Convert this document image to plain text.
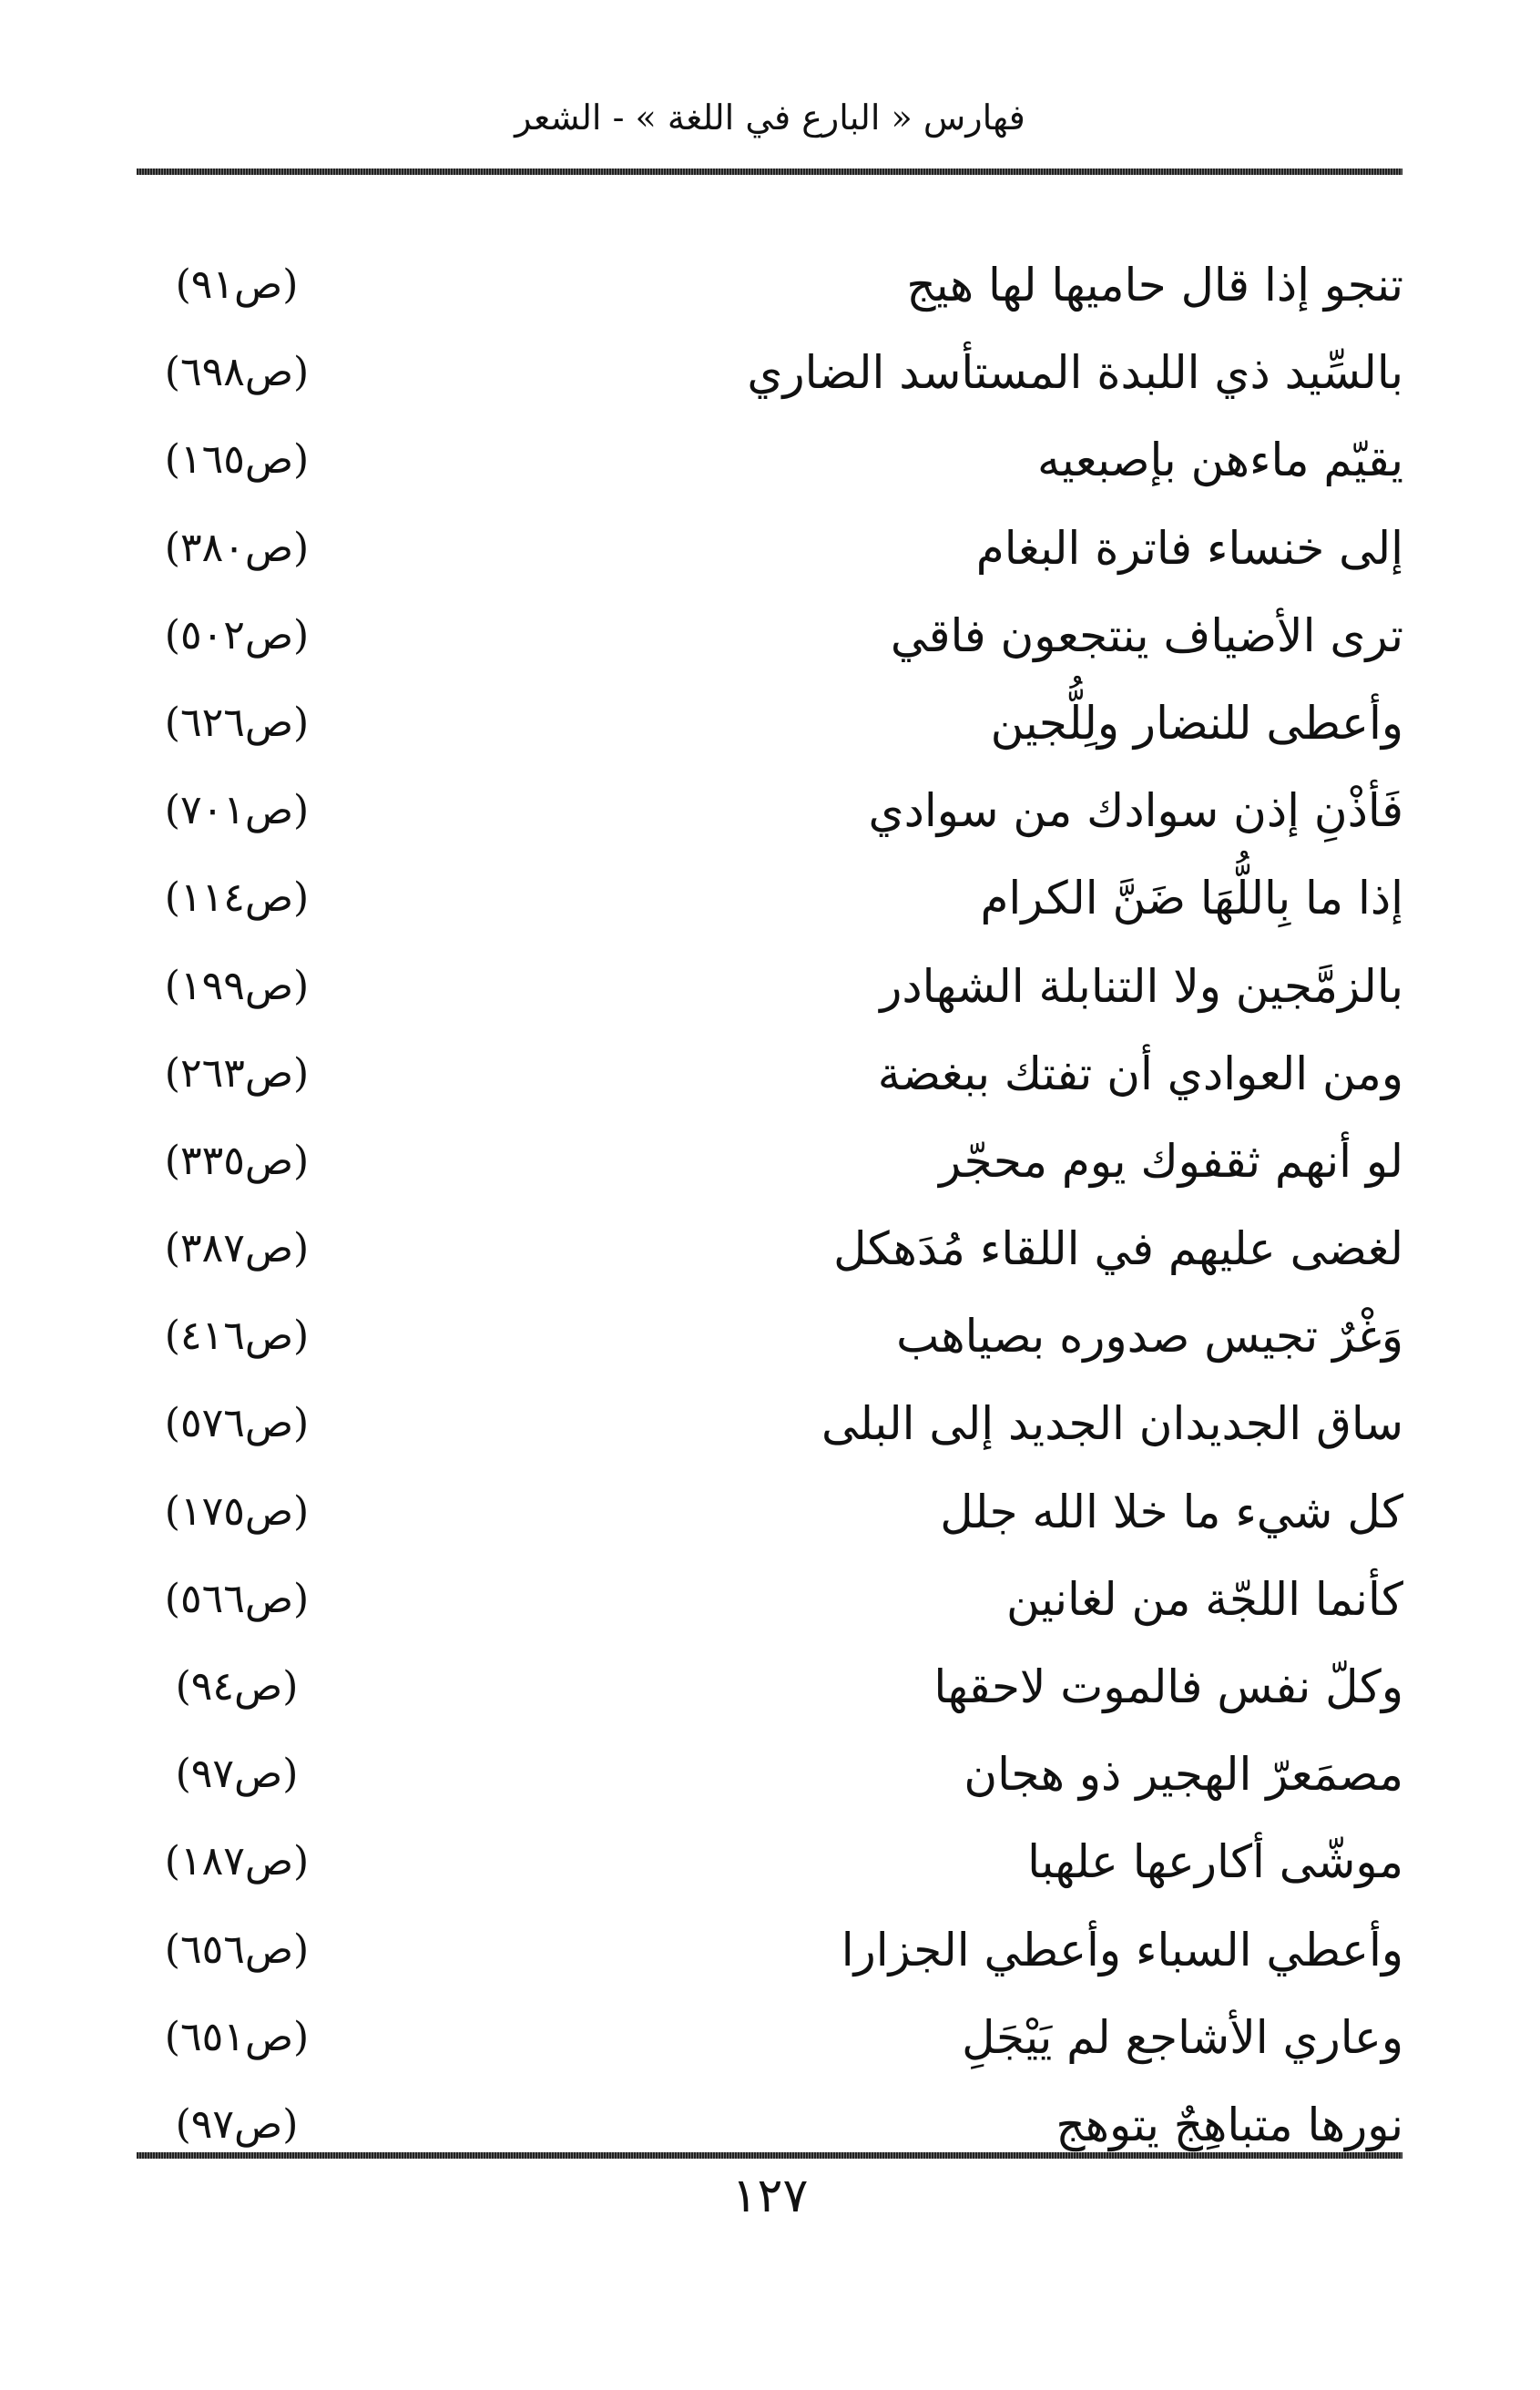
فهارس « البارع في اللغة » - الشعر
تنجو إذا قال حاميها لها هيج
(ص٩١)
بالسِّيد ذي اللبدة المستأسد الضاري
(ص٦٩٨)
يقيّم ماءهن بإصبعيه
(ص١٦٥)
إلى خنساء فاترة البغام
(ص٣٨٠)
ترى الأضياف ينتجعون فاقي
(ص٥٠٢)
وأعطى للنضار ولِلُّجين
(ص٦٢٦)
فَأذْنِ إذن سوادك من سوادي
(ص٧٠١)
إذا ما بِاللُّهَا ضَنَّ الكرام
(ص١١٤)
بالزمَّجين ولا التنابلة الشهادر
(ص١٩٩)
ومن العوادي أن تفتك ببغضة
(ص٢٦٣)
لو أنهم ثقفوك يوم محجّر
(ص٣٣٥)
لغضى عليهم في اللقاء مُدَهكل
(ص٣٨٧)
وَغْرٌ تجيس صدوره بصياهب
(ص٤١٦)
ساق الجديدان الجديد إلى البلى
(ص٥٧٦)
كل شيء ما خلا الله جلل
(ص١٧٥)
كأنما اللجّة من لغانين
(ص٥٦٦)
وكلّ نفس فالموت لاحقها
(ص٩٤)
مصمَعرّ الهجير ذو هجان
(ص٩٧)
موشّى أكارعها علهبا
(ص١٨٧)
وأعطي السباء وأعطي الجزارا
(ص٦٥٦)
وعاري الأشاجع لم يَيْجَلِ
(ص٦٥١)
نورها متباهِجٌ يتوهج
(ص٩٧)
١٢٧
